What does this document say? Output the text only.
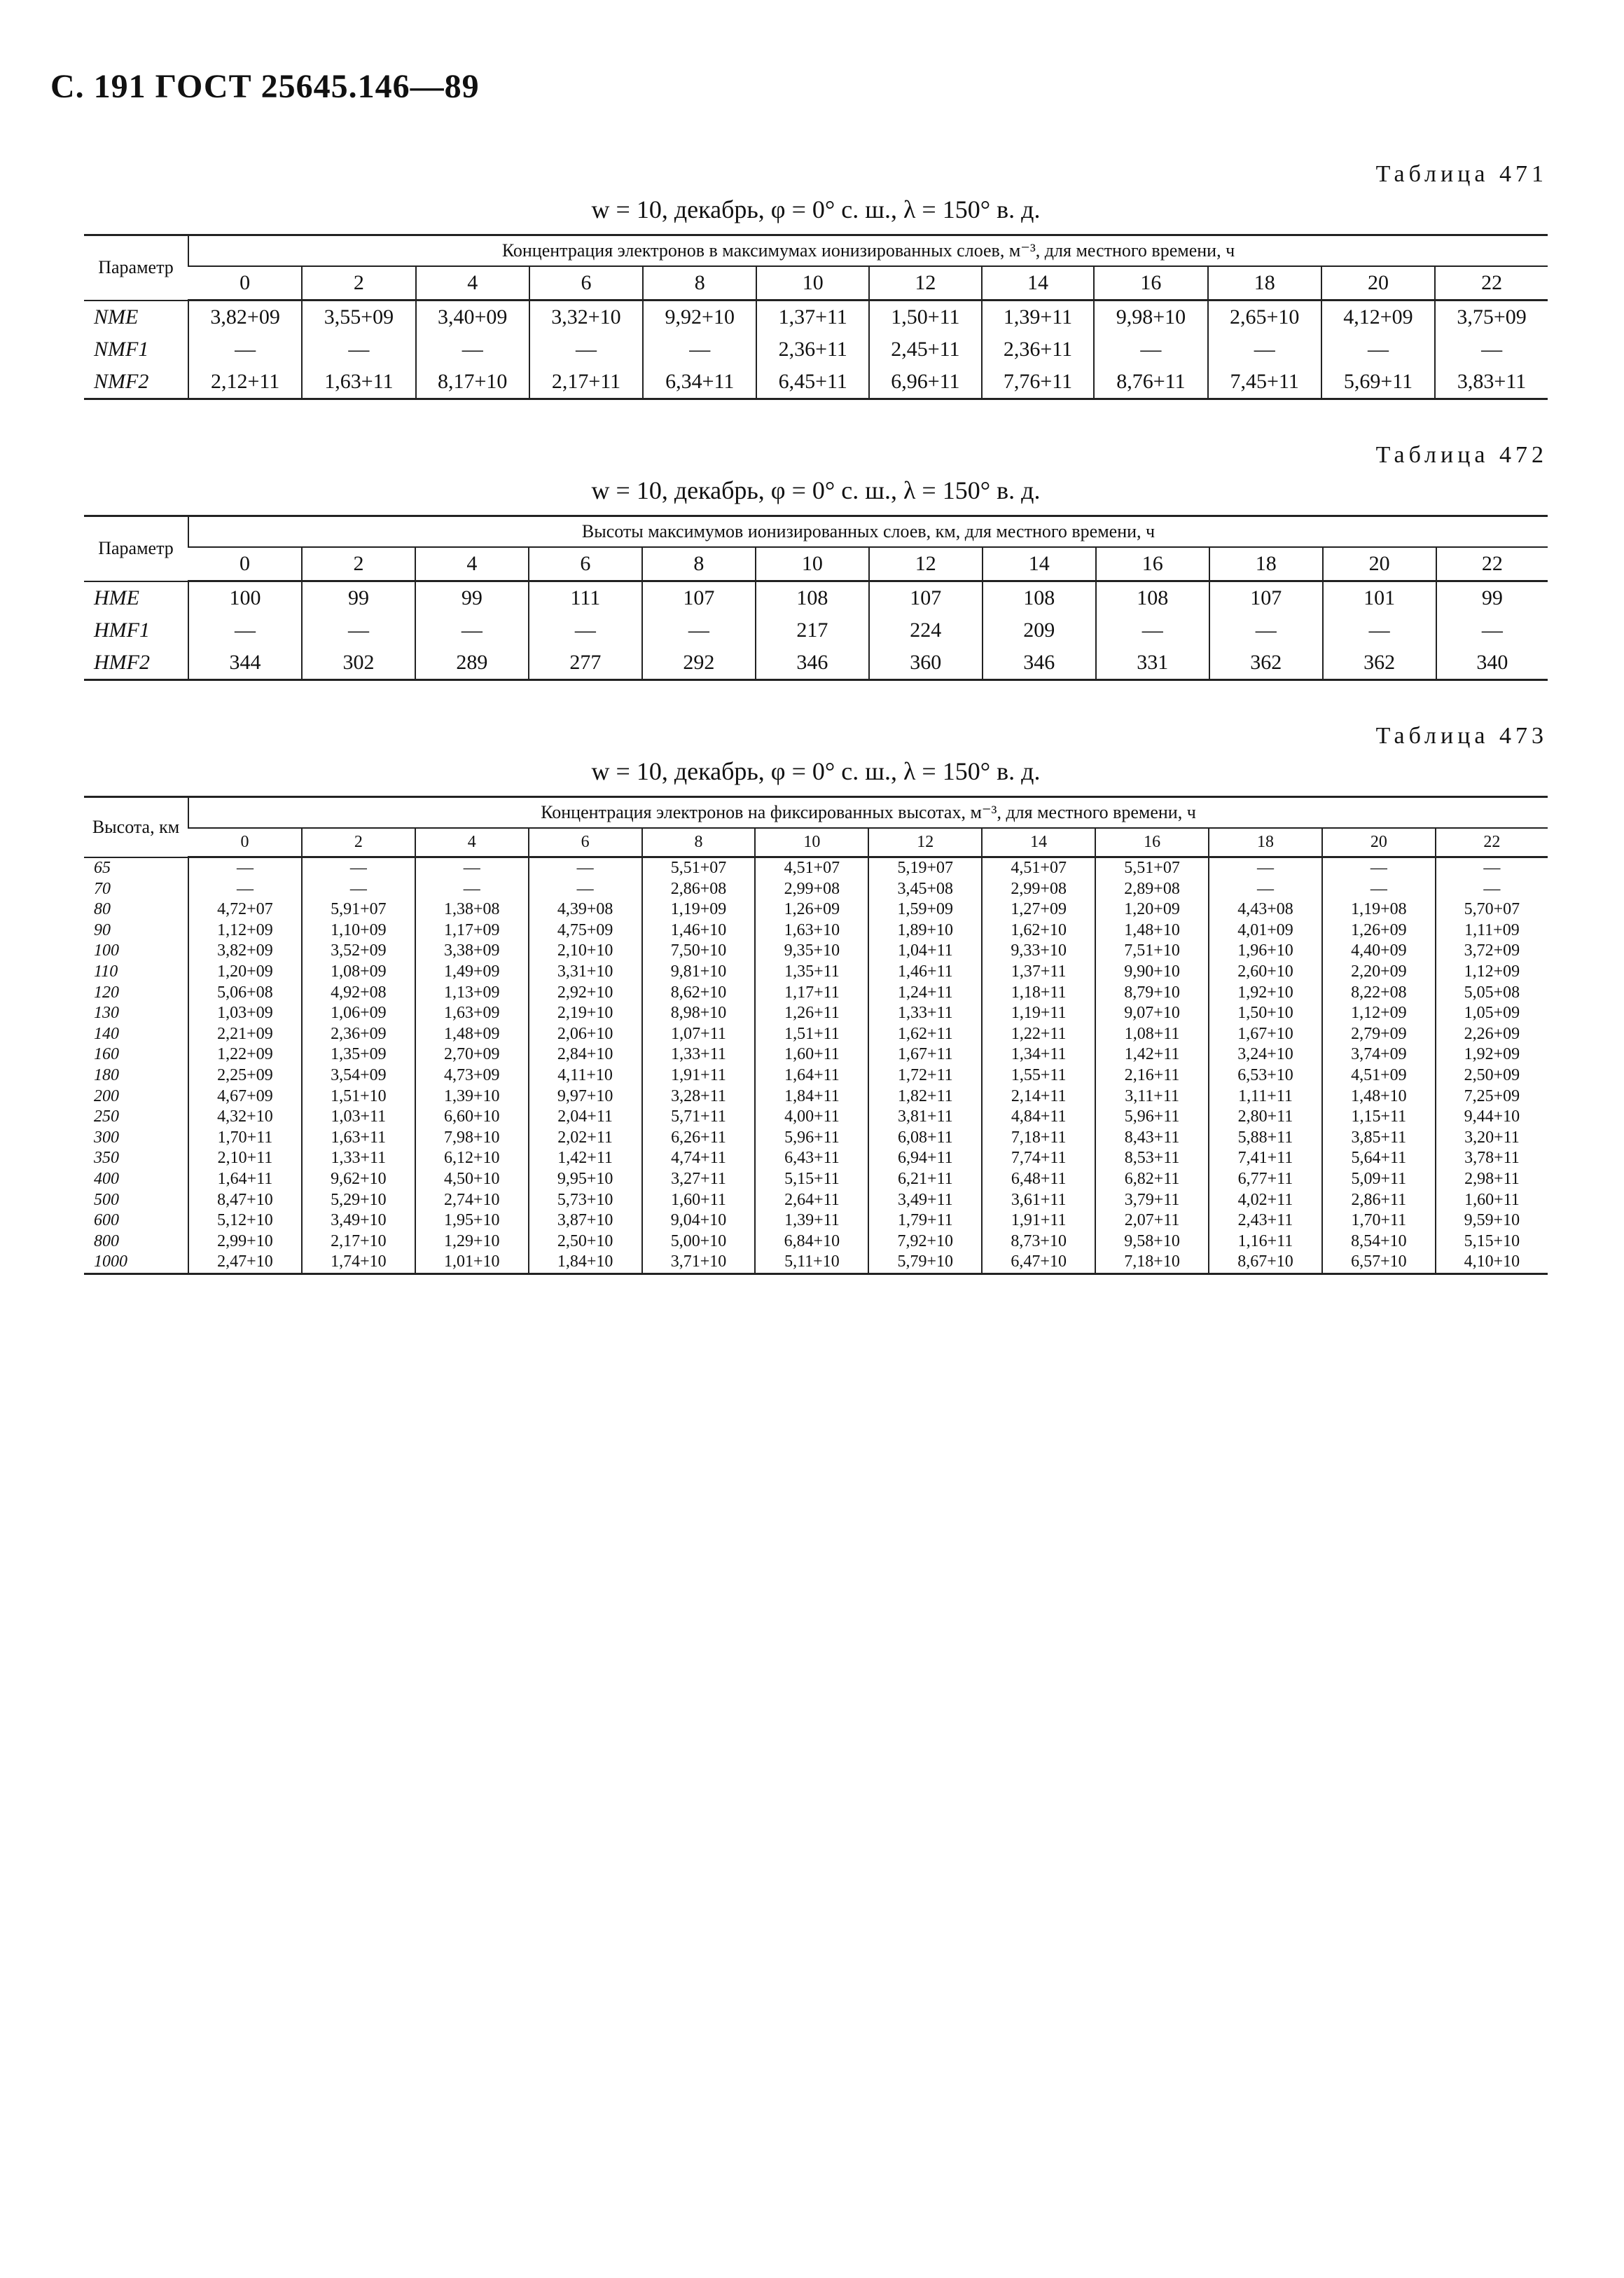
С. 191 ГОСТ 25645.146—89
Таблица 471
w = 10, декабрь, φ = 0° с. ш., λ = 150° в. д.
Параметр	Концентрация электронов в максимумах ионизированных слоев, м⁻³, для местного времени, ч											
	0	2	4	6	8	10	12	14	16	18	20	22
NME	3,82+09	3,55+09	3,40+09	3,32+10	9,92+10	1,37+11	1,50+11	1,39+11	9,98+10	2,65+10	4,12+09	3,75+09
NMF1	—	—	—	—	—	2,36+11	2,45+11	2,36+11	—	—	—	—
NMF2	2,12+11	1,63+11	8,17+10	2,17+11	6,34+11	6,45+11	6,96+11	7,76+11	8,76+11	7,45+11	5,69+11	3,83+11
Таблица 472
w = 10, декабрь, φ = 0° с. ш., λ = 150° в. д.
Параметр	Высоты максимумов ионизированных слоев, км, для местного времени, ч											
	0	2	4	6	8	10	12	14	16	18	20	22
HME	100	99	99	111	107	108	107	108	108	107	101	99
HMF1	—	—	—	—	—	217	224	209	—	—	—	—
HMF2	344	302	289	277	292	346	360	346	331	362	362	340
Таблица 473
w = 10, декабрь, φ = 0° с. ш., λ = 150° в. д.
Высота, км	Концентрация электронов на фиксированных высотах, м⁻³, для местного времени, ч											
	0	2	4	6	8	10	12	14	16	18	20	22
65	—	—	—	—	5,51+07	4,51+07	5,19+07	4,51+07	5,51+07	—	—	—
70	—	—	—	—	2,86+08	2,99+08	3,45+08	2,99+08	2,89+08	—	—	—
80	4,72+07	5,91+07	1,38+08	4,39+08	1,19+09	1,26+09	1,59+09	1,27+09	1,20+09	4,43+08	1,19+08	5,70+07
90	1,12+09	1,10+09	1,17+09	4,75+09	1,46+10	1,63+10	1,89+10	1,62+10	1,48+10	4,01+09	1,26+09	1,11+09
100	3,82+09	3,52+09	3,38+09	2,10+10	7,50+10	9,35+10	1,04+11	9,33+10	7,51+10	1,96+10	4,40+09	3,72+09
110	1,20+09	1,08+09	1,49+09	3,31+10	9,81+10	1,35+11	1,46+11	1,37+11	9,90+10	2,60+10	2,20+09	1,12+09
120	5,06+08	4,92+08	1,13+09	2,92+10	8,62+10	1,17+11	1,24+11	1,18+11	8,79+10	1,92+10	8,22+08	5,05+08
130	1,03+09	1,06+09	1,63+09	2,19+10	8,98+10	1,26+11	1,33+11	1,19+11	9,07+10	1,50+10	1,12+09	1,05+09
140	2,21+09	2,36+09	1,48+09	2,06+10	1,07+11	1,51+11	1,62+11	1,22+11	1,08+11	1,67+10	2,79+09	2,26+09
160	1,22+09	1,35+09	2,70+09	2,84+10	1,33+11	1,60+11	1,67+11	1,34+11	1,42+11	3,24+10	3,74+09	1,92+09
180	2,25+09	3,54+09	4,73+09	4,11+10	1,91+11	1,64+11	1,72+11	1,55+11	2,16+11	6,53+10	4,51+09	2,50+09
200	4,67+09	1,51+10	1,39+10	9,97+10	3,28+11	1,84+11	1,82+11	2,14+11	3,11+11	1,11+11	1,48+10	7,25+09
250	4,32+10	1,03+11	6,60+10	2,04+11	5,71+11	4,00+11	3,81+11	4,84+11	5,96+11	2,80+11	1,15+11	9,44+10
300	1,70+11	1,63+11	7,98+10	2,02+11	6,26+11	5,96+11	6,08+11	7,18+11	8,43+11	5,88+11	3,85+11	3,20+11
350	2,10+11	1,33+11	6,12+10	1,42+11	4,74+11	6,43+11	6,94+11	7,74+11	8,53+11	7,41+11	5,64+11	3,78+11
400	1,64+11	9,62+10	4,50+10	9,95+10	3,27+11	5,15+11	6,21+11	6,48+11	6,82+11	6,77+11	5,09+11	2,98+11
500	8,47+10	5,29+10	2,74+10	5,73+10	1,60+11	2,64+11	3,49+11	3,61+11	3,79+11	4,02+11	2,86+11	1,60+11
600	5,12+10	3,49+10	1,95+10	3,87+10	9,04+10	1,39+11	1,79+11	1,91+11	2,07+11	2,43+11	1,70+11	9,59+10
800	2,99+10	2,17+10	1,29+10	2,50+10	5,00+10	6,84+10	7,92+10	8,73+10	9,58+10	1,16+11	8,54+10	5,15+10
1000	2,47+10	1,74+10	1,01+10	1,84+10	3,71+10	5,11+10	5,79+10	6,47+10	7,18+10	8,67+10	6,57+10	4,10+10
